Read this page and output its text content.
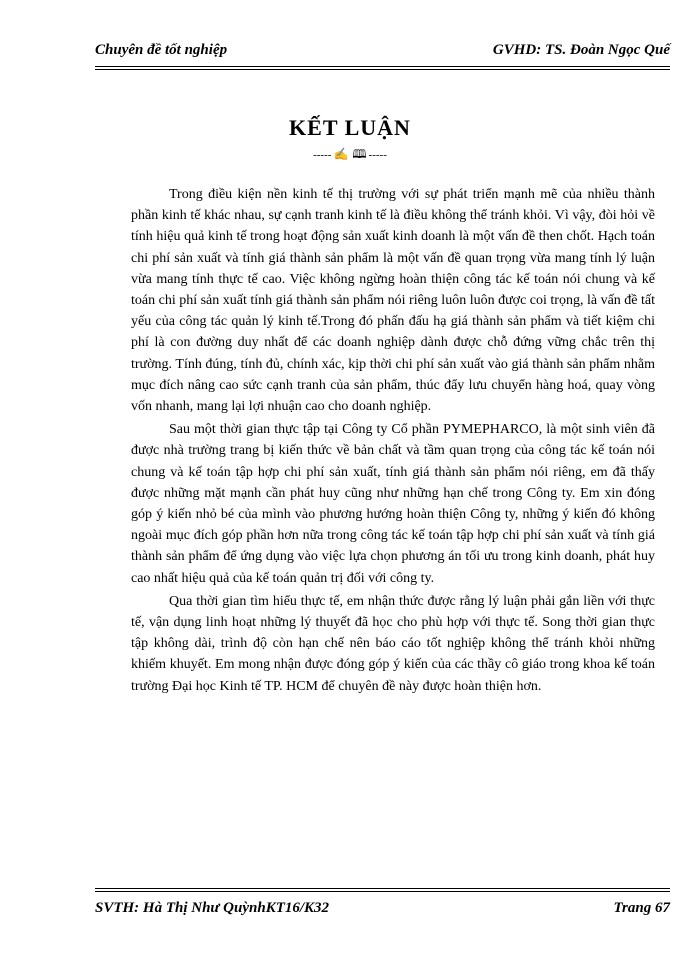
Chuyên đề tốt nghiệp	GVHD: TS. Đoàn Ngọc Quế
KẾT LUẬN
----- ✍ 🕮 -----

Trong điều kiện nền kinh tế thị trường với sự phát triển mạnh mẽ của nhiều thành phần kinh tế khác nhau, sự cạnh tranh kinh tế là điều không thể tránh khỏi. Vì vậy, đòi hỏi về tính hiệu quả kinh tế trong hoạt động sản xuất kinh doanh là một vấn đề then chốt. Hạch toán chi phí sản xuất và tính giá thành sản phẩm là một vấn đề quan trọng vừa mang tính lý luận vừa mang tính thực tế cao. Việc không ngừng hoàn thiện công tác kế toán nói chung và kế toán chi phí sản xuất tính giá thành sản phẩm nói riêng luôn luôn được coi trọng, là vấn đề tất yếu của công tác quản lý kinh tế.Trong đó phấn đấu hạ giá thành sản phẩm và tiết kiệm chi phí là con đường duy nhất để các doanh nghiệp dành được chỗ đứng vững chắc trên thị trường. Tính đúng, tính đủ, chính xác, kịp thời chi phí sản xuất vào giá thành sản phẩm nhằm mục đích nâng cao sức cạnh tranh của sản phẩm, thúc đẩy lưu chuyển hàng hoá, quay vòng vốn nhanh, mang lại lợi nhuận cao cho doanh nghiệp.

Sau một thời gian thực tập tại Công ty Cổ phần PYMEPHARCO, là một sinh viên đã được nhà trường trang bị kiến thức về bản chất và tầm quan trọng của công tác kế toán nói chung và kế toán tập hợp chi phí sản xuất, tính giá thành sản phẩm nói riêng, em đã thấy được những mặt mạnh cần phát huy cũng như những hạn chế trong Công ty. Em xin đóng góp ý kiến nhỏ bé của mình vào phương hướng hoàn thiện Công ty, những ý kiến đó không ngoài mục đích góp phần hơn nữa trong công tác kế toán tập hợp chi phí sản xuất và tính giá thành sản phẩm để ứng dụng vào việc lựa chọn phương án tối ưu trong kinh doanh, phát huy cao nhất hiệu quả của kế toán quản trị đối với công ty.

Qua thời gian tìm hiểu thực tế, em nhận thức được rằng lý luận phải gắn liền với thực tế, vận dụng linh hoạt những lý thuyết đã học cho phù hợp với thực tế. Song thời gian thực tập không dài, trình độ còn hạn chế nên báo cáo tốt nghiệp không thể tránh khỏi những khiếm khuyết. Em mong nhận được đóng góp ý kiến của các thầy cô giáo trong khoa kế toán trường Đại học Kinh tế TP. HCM để chuyên đề này được hoàn thiện hơn.

SVTH: Hà Thị Như QuỳnhKT16/K32	Trang 67
